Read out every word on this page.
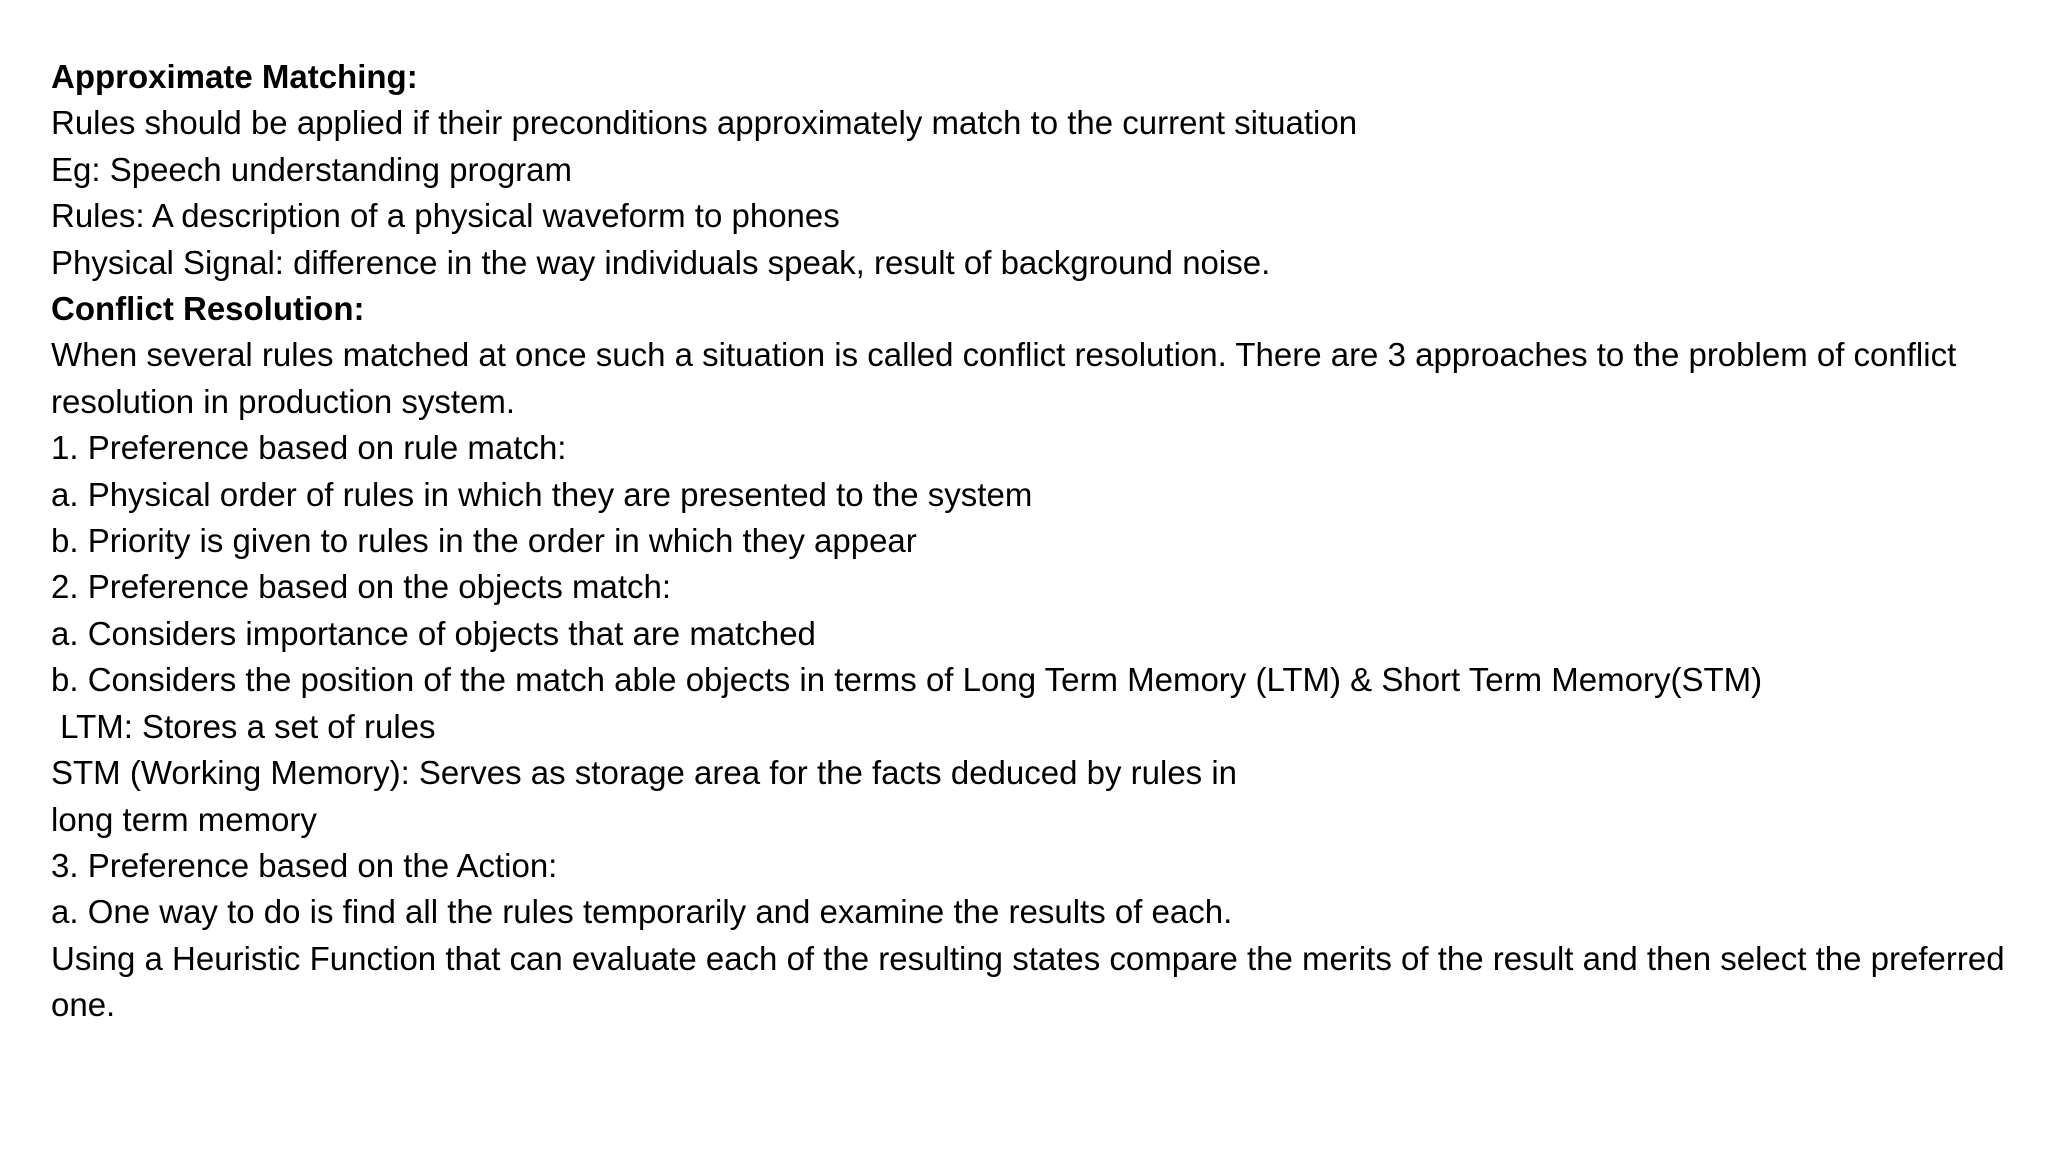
Approximate Matching:
Rules should be applied if their preconditions approximately match to the current situation
Eg: Speech understanding program
Rules: A description of a physical waveform to phones
Physical Signal: difference in the way individuals speak, result of background noise.
Conflict Resolution:
When several rules matched at once such a situation is called conflict resolution. There are 3 approaches to the problem of conflict resolution in production system.
1. Preference based on rule match:
a. Physical order of rules in which they are presented to the system
b. Priority is given to rules in the order in which they appear
2. Preference based on the objects match:
a. Considers importance of objects that are matched
b. Considers the position of the match able objects in terms of Long Term Memory (LTM) & Short Term Memory(STM)
LTM: Stores a set of rules
STM (Working Memory): Serves as storage area for the facts deduced by rules in
long term memory
3. Preference based on the Action:
a. One way to do is find all the rules temporarily and examine the results of each.
Using a Heuristic Function that can evaluate each of the resulting states compare the merits of the result and then select the preferred one.
